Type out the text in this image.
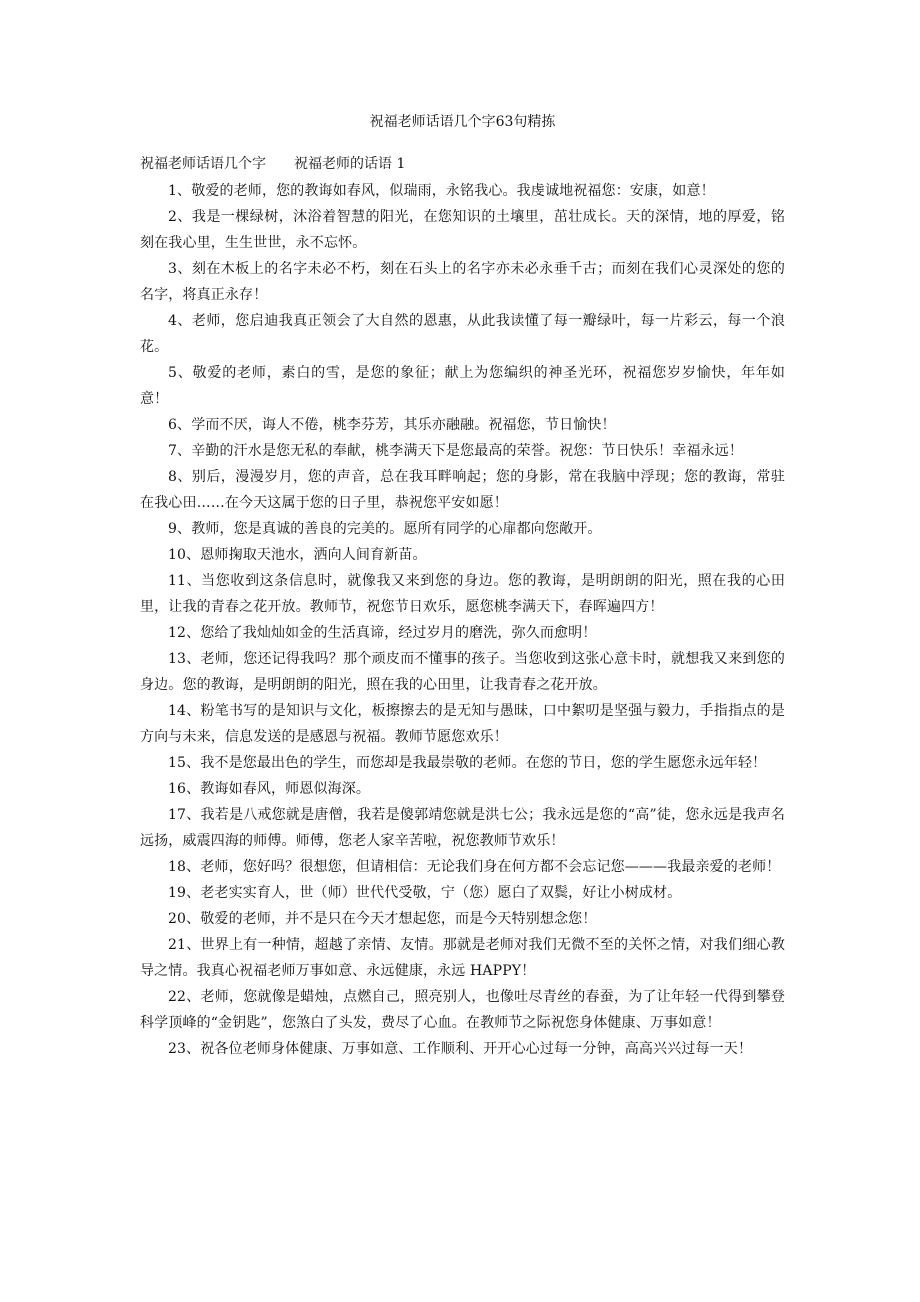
祝福老师话语几个字63句精拣
祝福老师话语几个字 祝福老师的话语 1

1、敬爱的老师，您的教诲如春风，似瑞雨，永铭我心。我虔诚地祝福您：安康，如意！

2、我是一棵绿树，沐浴着智慧的阳光，在您知识的土壤里，茁壮成长。天的深情，地的厚爱，铭刻在我心里，生生世世，永不忘怀。

3、刻在木板上的名字未必不朽，刻在石头上的名字亦未必永垂千古；而刻在我们心灵深处的您的名字，将真正永存！

4、老师，您启迪我真正领会了大自然的恩惠，从此我读懂了每一瓣绿叶，每一片彩云，每一个浪花。

5、敬爱的老师，素白的雪，是您的象征；献上为您编织的神圣光环，祝福您岁岁愉快，年年如意！

6、学而不厌，诲人不倦，桃李芬芳，其乐亦融融。祝福您，节日愉快！

7、辛勤的汗水是您无私的奉献，桃李满天下是您最高的荣誉。祝您：节日快乐！幸福永远！

8、别后，漫漫岁月，您的声音，总在我耳畔响起；您的身影，常在我脑中浮现；您的教诲，常驻在我心田……在今天这属于您的日子里，恭祝您平安如愿！

9、教师，您是真诚的善良的完美的。愿所有同学的心扉都向您敞开。

10、恩师掬取天池水，洒向人间育新苗。

11、当您收到这条信息时，就像我又来到您的身边。您的教诲，是明朗朗的阳光，照在我的心田里，让我的青春之花开放。教师节，祝您节日欢乐，愿您桃李满天下，春晖遍四方！

12、您给了我灿灿如金的生活真谛，经过岁月的磨洗，弥久而愈明！

13、老师，您还记得我吗？那个顽皮而不懂事的孩子。当您收到这张心意卡时，就想我又来到您的身边。您的教诲，是明朗朗的阳光，照在我的心田里，让我青春之花开放。

14、粉笔书写的是知识与文化，板擦擦去的是无知与愚昧，口中絮叨是坚强与毅力，手指指点的是方向与未来，信息发送的是感恩与祝福。教师节愿您欢乐！

15、我不是您最出色的学生，而您却是我最崇敬的老师。在您的节日，您的学生愿您永远年轻！

16、教诲如春风，师恩似海深。

17、我若是八戒您就是唐僧，我若是傻郭靖您就是洪七公；我永远是您的“高”徒，您永远是我声名远扬，威震四海的师傅。师傅，您老人家辛苦啦，祝您教师节欢乐！

18、老师，您好吗？很想您，但请相信：无论我们身在何方都不会忘记您———我最亲爱的老师！

19、老老实实育人，世（师）世代代受敬，宁（您）愿白了双鬓，好让小树成材。

20、敬爱的老师，并不是只在今天才想起您，而是今天特别想念您！

21、世界上有一种情，超越了亲情、友情。那就是老师对我们无微不至的关怀之情，对我们细心教导之情。我真心祝福老师万事如意、永远健康，永远 HAPPY！

22、老师，您就像是蜡烛，点燃自己，照亮别人，也像吐尽青丝的春蚕，为了让年轻一代得到攀登科学顶峰的“金钥匙”，您煞白了头发，费尽了心血。在教师节之际祝您身体健康、万事如意！

23、祝各位老师身体健康、万事如意、工作顺利、开开心心过每一分钟，高高兴兴过每一天！
